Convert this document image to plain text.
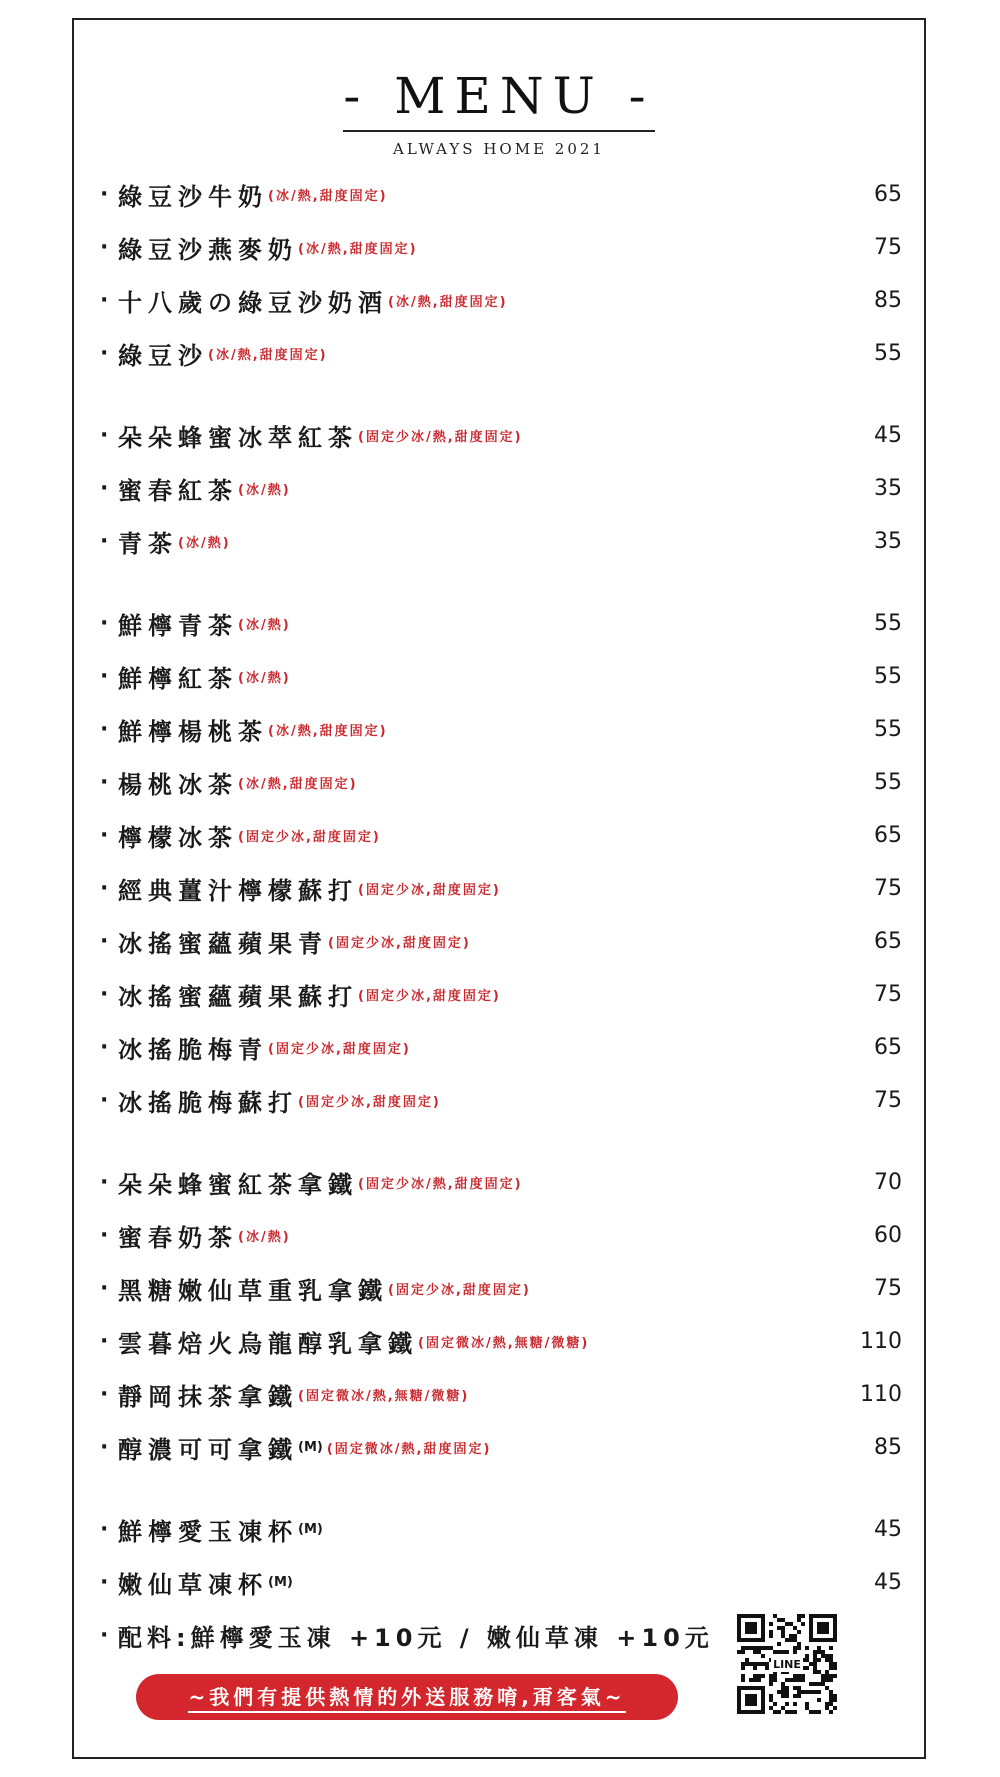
- MENU -
ALWAYS HOME 2021
· 綠豆沙牛奶 (冰/熱,甜度固定)	65
· 綠豆沙燕麥奶 (冰/熱,甜度固定)	75
· 十八歲の綠豆沙奶酒 (冰/熱,甜度固定)	85
· 綠豆沙 (冰/熱,甜度固定)	55
· 朵朵蜂蜜冰萃紅茶 (固定少冰/熱,甜度固定)	45
· 蜜春紅茶 (冰/熱)	35
· 青茶 (冰/熱)	35
· 鮮檸青茶 (冰/熱)	55
· 鮮檸紅茶 (冰/熱)	55
· 鮮檸楊桃茶 (冰/熱,甜度固定)	55
· 楊桃冰茶 (冰/熱,甜度固定)	55
· 檸檬冰茶 (固定少冰,甜度固定)	65
· 經典薑汁檸檬蘇打 (固定少冰,甜度固定)	75
· 冰搖蜜蘊蘋果青 (固定少冰,甜度固定)	65
· 冰搖蜜蘊蘋果蘇打 (固定少冰,甜度固定)	75
· 冰搖脆梅青 (固定少冰,甜度固定)	65
· 冰搖脆梅蘇打 (固定少冰,甜度固定)	75
· 朵朵蜂蜜紅茶拿鐵 (固定少冰/熱,甜度固定)	70
· 蜜春奶茶 (冰/熱)	60
· 黑糖嫩仙草重乳拿鐵 (固定少冰,甜度固定)	75
· 雲暮焙火烏龍醇乳拿鐵 (固定微冰/熱,無糖/微糖)	110
· 靜岡抹茶拿鐵 (固定微冰/熱,無糖/微糖)	110
· 醇濃可可拿鐵 (M) (固定微冰/熱,甜度固定)	85
· 鮮檸愛玉凍杯 (M)	45
· 嫩仙草凍杯 (M)	45
· 配料:鮮檸愛玉凍 +10元 / 嫩仙草凍 +10元
~我們有提供熱情的外送服務唷,甭客氣~
LINE
